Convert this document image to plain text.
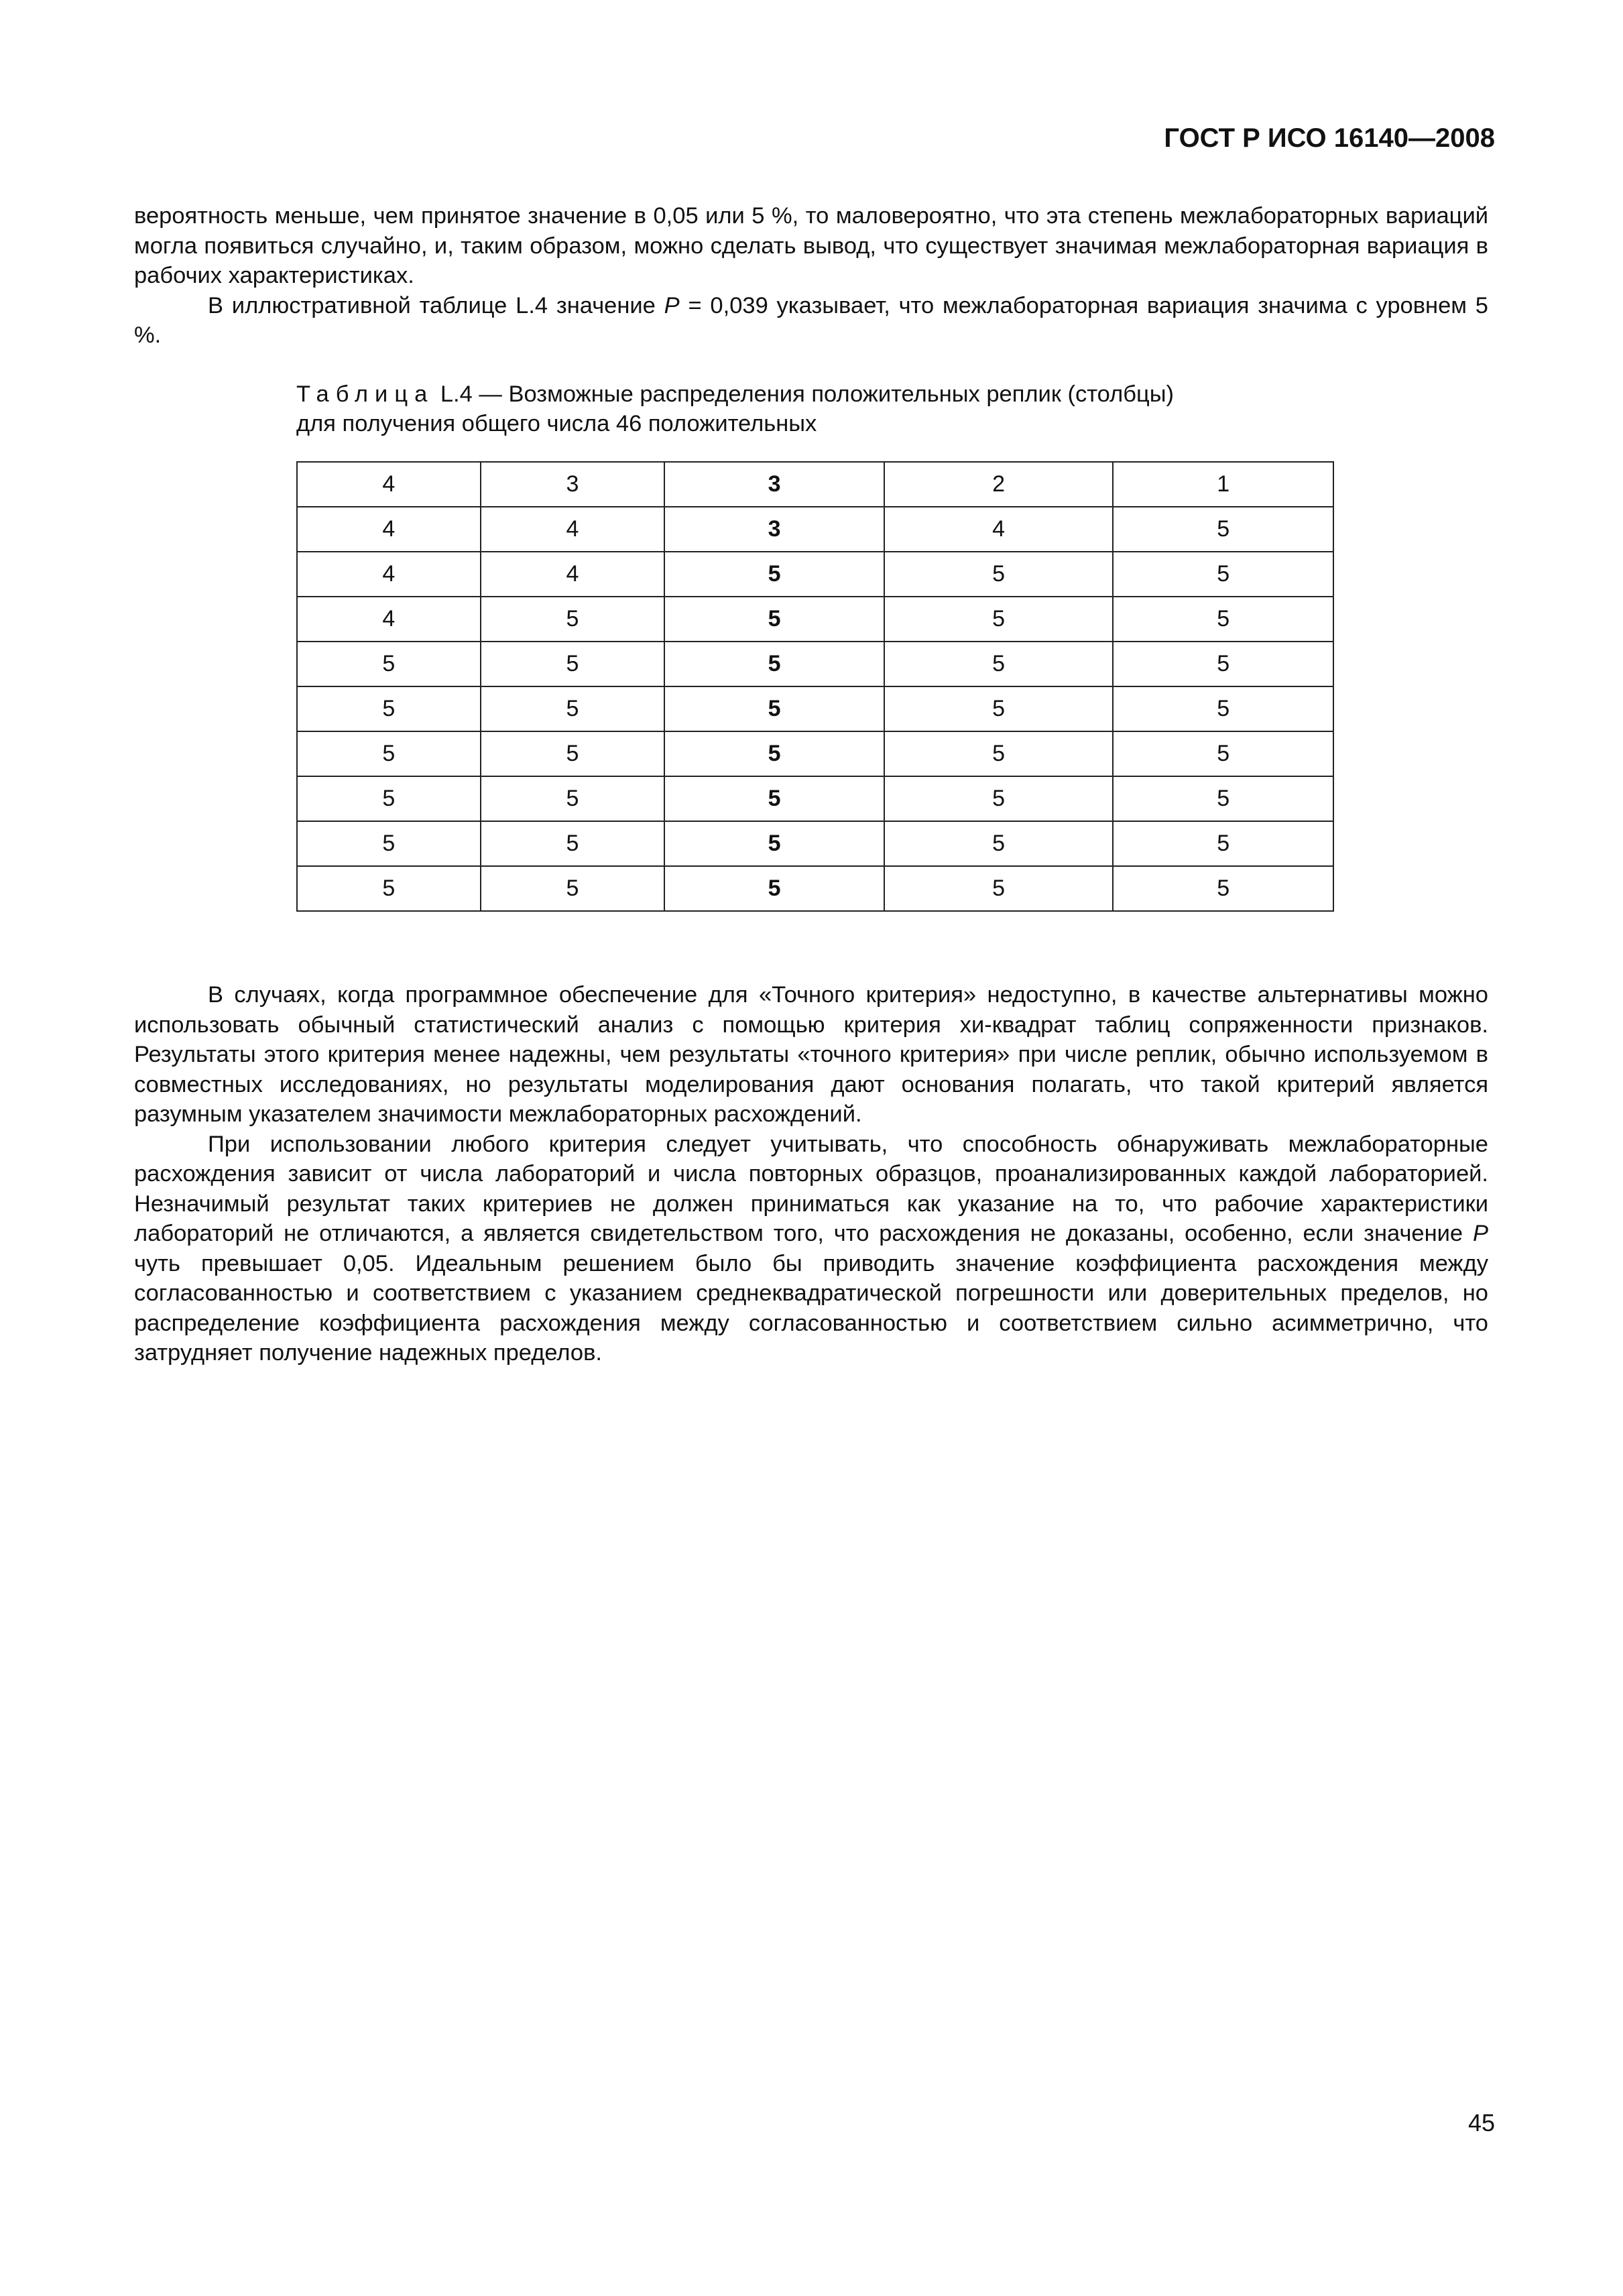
ГОСТ Р ИСО 16140—2008

вероятность меньше, чем принятое значение в 0,05 или 5 %, то маловероятно, что эта степень межлабораторных вариаций могла появиться случайно, и, таким образом, можно сделать вывод, что существует значимая межлабораторная вариация в рабочих характеристиках.

В иллюстративной таблице L.4 значение P = 0,039 указывает, что межлабораторная вариация значима с уровнем 5 %.

Таблица L.4 — Возможные распределения положительных реплик (столбцы)
для получения общего числа 46 положительных
4	3	3	2	1
4	4	3	4	5
4	4	5	5	5
4	5	5	5	5
5	5	5	5	5
5	5	5	5	5
5	5	5	5	5
5	5	5	5	5
5	5	5	5	5
5	5	5	5	5

В случаях, когда программное обеспечение для «Точного критерия» недоступно, в качестве альтернативы можно использовать обычный статистический анализ с помощью критерия хи-квадрат таблиц сопряженности признаков. Результаты этого критерия менее надежны, чем результаты «точного критерия» при числе реплик, обычно используемом в совместных исследованиях, но результаты моделирования дают основания полагать, что такой критерий является разумным указателем значимости межлабораторных расхождений.

При использовании любого критерия следует учитывать, что способность обнаруживать межлабораторные расхождения зависит от числа лабораторий и числа повторных образцов, проанализированных каждой лабораторией. Незначимый результат таких критериев не должен приниматься как указание на то, что рабочие характеристики лабораторий не отличаются, а является свидетельством того, что расхождения не доказаны, особенно, если значение P чуть превышает 0,05. Идеальным решением было бы приводить значение коэффициента расхождения между согласованностью и соответствием с указанием среднеквадратической погрешности или доверительных пределов, но распределение коэффициента расхождения между согласованностью и соответствием сильно асимметрично, что затрудняет получение надежных пределов.

45
